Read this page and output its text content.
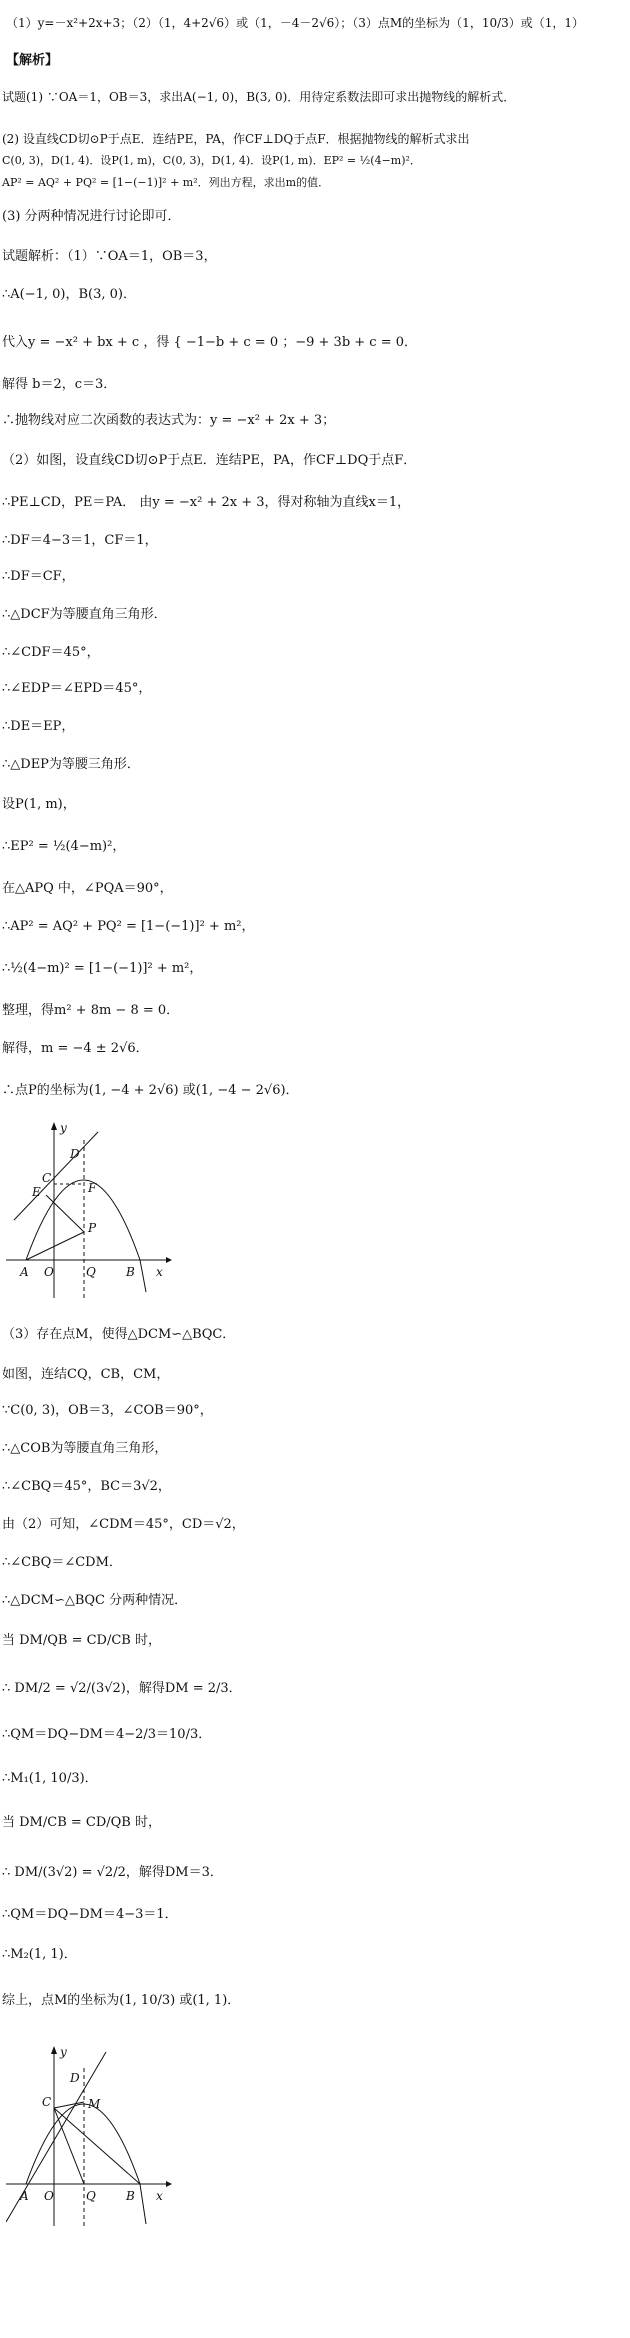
（1）y=－x²+2x+3；（2）（1，4+2√6）或（1，－4－2√6）；（3）点M的坐标为（1，10/3）或（1，1）
【解析】
试题(1) ∵OA＝1，OB＝3，求出A(−1, 0)，B(3, 0)．用待定系数法即可求出抛物线的解析式．
(2) 设直线CD切⊙P于点E．连结PE，PA，作CF⊥DQ于点F．根据抛物线的解析式求出
C(0, 3)，D(1, 4)．设P(1, m)，C(0, 3)，D(1, 4)．设P(1, m)．EP² = ½(4−m)²．
AP² = AQ² + PQ² = [1−(−1)]² + m²．列出方程，求出m的值．
(3) 分两种情况进行讨论即可．
试题解析：（1）∵OA＝1，OB＝3，
∴A(−1, 0)，B(3, 0)．
代入y = −x² + bx + c ，得 { −1−b + c = 0 ；−9 + 3b + c = 0．
解得 b＝2，c＝3．
∴抛物线对应二次函数的表达式为：y = −x² + 2x + 3；
（2）如图，设直线CD切⊙P于点E．连结PE，PA，作CF⊥DQ于点F．
∴PE⊥CD，PE＝PA． 由y = −x² + 2x + 3，得对称轴为直线x＝1，
∴DF＝4−3＝1，CF＝1，
∴DF＝CF，
∴△DCF为等腰直角三角形．
∴∠CDF＝45°，
∴∠EDP＝∠EPD＝45°，
∴DE＝EP，
∴△DEP为等腰三角形．
设P(1, m)，
∴EP² = ½(4−m)²，
在△APQ 中，∠PQA＝90°，
∴AP² = AQ² + PQ² = [1−(−1)]² + m²，
∴½(4−m)² = [1−(−1)]² + m²，
整理，得m² + 8m − 8 = 0．
解得，m = −4 ± 2√6．
∴点P的坐标为(1, −4 + 2√6) 或(1, −4 − 2√6)．
y
D
C
F
E
P
A O	Q	B x
（3）存在点M，使得△DCM∽△BQC．
如图，连结CQ，CB，CM，
∵C(0, 3)，OB＝3，∠COB＝90°，
∴△COB为等腰直角三角形，
∴∠CBQ＝45°，BC＝3√2，
由（2）可知，∠CDM＝45°，CD＝√2，
∴∠CBQ＝∠CDM．
∴△DCM∽△BQC 分两种情况．
当 DM/QB = CD/CB 时，
∴ DM/2 = √2/(3√2)，解得DM = 2/3．
∴QM＝DQ−DM＝4−2/3＝10/3．
∴M₁(1, 10/3)．
当 DM/CB = CD/QB 时，
∴ DM/(3√2) = √2/2，解得DM＝3．
∴QM＝DQ−DM＝4−3＝1．
∴M₂(1, 1)．
综上，点M的坐标为(1, 10/3) 或(1, 1)．
y
D
C	M
A O	Q	B x
